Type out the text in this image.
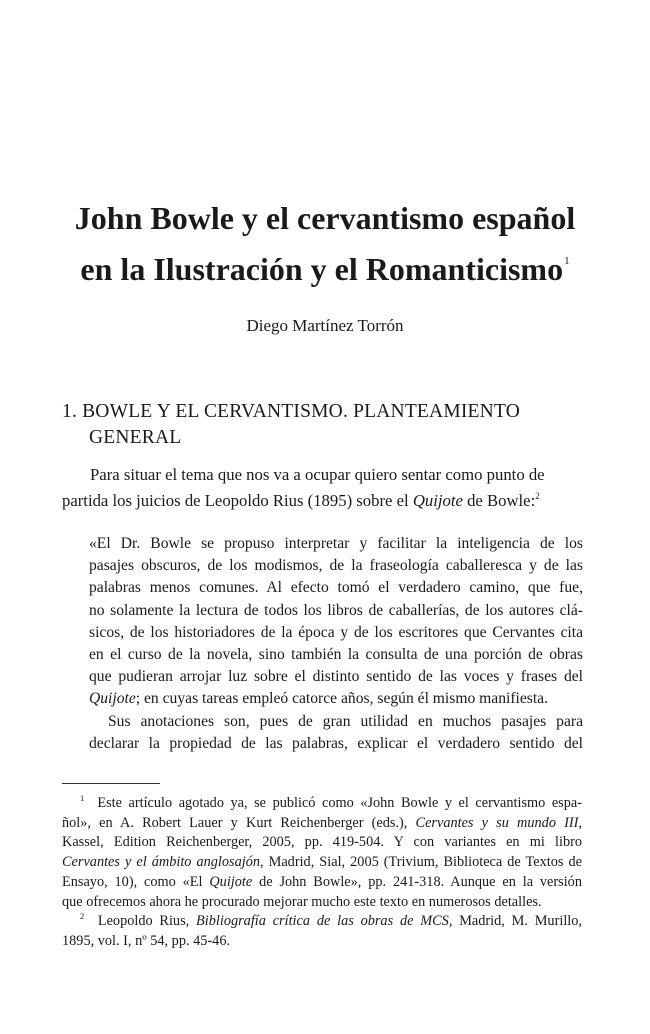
John Bowle y el cervantismo español
en la Ilustración y el Romanticismo$^1$
Diego Martínez Torrón
1. BOWLE Y EL CERVANTISMO. PLANTEAMIENTO
GENERAL
Para situar el tema que nos va a ocupar quiero sentar como punto de
partida los juicios de Leopoldo Rius (1895) sobre el Quijote de Bowle:$^2$
«El Dr. Bowle se propuso interpretar y facilitar la inteligencia de los
pasajes obscuros, de los modismos, de la fraseología caballeresca y de las
palabras menos comunes. Al efecto tomó el verdadero camino, que fue,
no solamente la lectura de todos los libros de caballerías, de los autores clá-
sicos, de los historiadores de la época y de los escritores que Cervantes cita
en el curso de la novela, sino también la consulta de una porción de obras
que pudieran arrojar luz sobre el distinto sentido de las voces y frases del
Quijote; en cuyas tareas empleó catorce años, según él mismo manifiesta.
Sus anotaciones son, pues de gran utilidad en muchos pasajes para
declarar la propiedad de las palabras, explicar el verdadero sentido del
$^1$ Este artículo agotado ya, se publicó como «John Bowle y el cervantismo espa-
ñol», en A. Robert Lauer y Kurt Reichenberger (eds.), Cervantes y su mundo III,
Kassel, Edition Reichenberger, 2005, pp. 419-504. Y con variantes en mi libro
Cervantes y el ámbito anglosajón, Madrid, Sial, 2005 (Trivium, Biblioteca de Textos de
Ensayo, 10), como «El Quijote de John Bowle», pp. 241-318. Aunque en la versión
que ofrecemos ahora he procurado mejorar mucho este texto en numerosos detalles.
$^2$ Leopoldo Rius, Bibliografía crítica de las obras de MCS, Madrid, M. Murillo,
1895, vol. I, nº 54, pp. 45-46.
